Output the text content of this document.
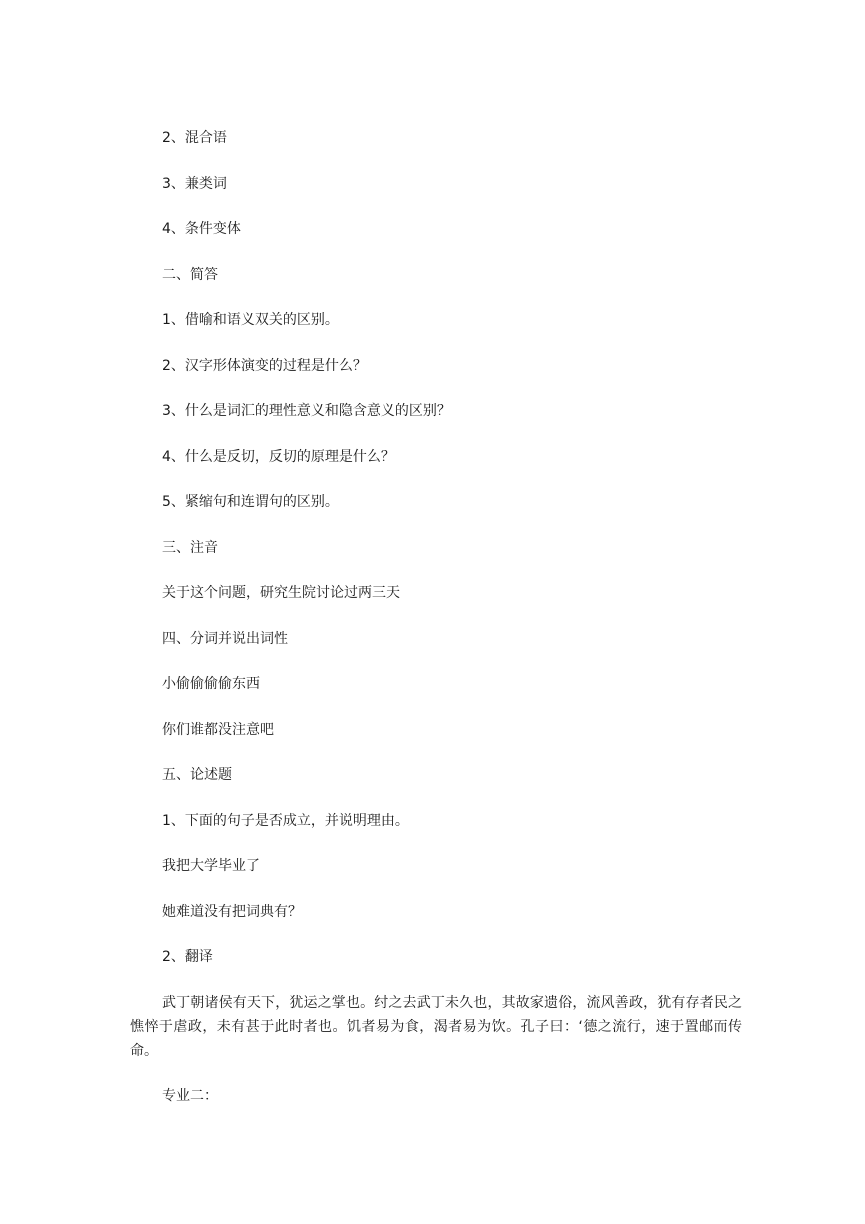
2、混合语
3、兼类词
4、条件变体
二、简答
1、借喻和语义双关的区别。
2、汉字形体演变的过程是什么？
3、什么是词汇的理性意义和隐含意义的区别？
4、什么是反切，反切的原理是什么？
5、紧缩句和连谓句的区别。
三、注音
关于这个问题，研究生院讨论过两三天
四、分词并说出词性
小偷偷偷偷东西
你们谁都没注意吧
五、论述题
1、下面的句子是否成立，并说明理由。
我把大学毕业了
她难道没有把词典有？
2、翻译
武丁朝诸侯有天下，犹运之掌也。纣之去武丁未久也，其故家遗俗，流风善政，犹有存者民之憔悴于虐政，未有甚于此时者也。饥者易为食，渴者易为饮。孔子曰：‘德之流行，速于置邮而传命。
专业二：
